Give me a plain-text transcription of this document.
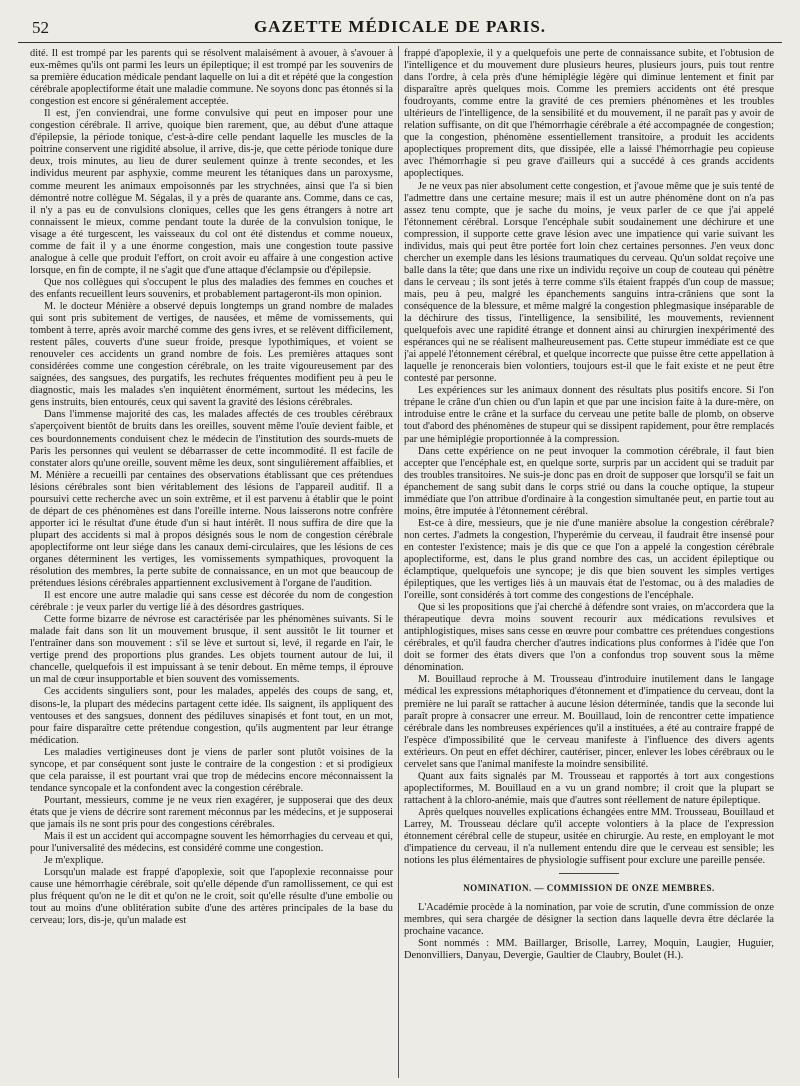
52	GAZETTE MÉDICALE DE PARIS.

dité. Il est trompé par les parents qui se résolvent malaisément à avouer, à s'avouer à eux-mêmes qu'ils ont parmi les leurs un épileptique; il est trompé par les souvenirs de sa première éducation médicale pendant laquelle on lui a dit et répété que la congestion cérébrale apoplectiforme était une maladie commune. Ne soyons donc pas étonnés si la congestion est encore si généralement acceptée.

Il est, j'en conviendrai, une forme convulsive qui peut en imposer pour une congestion cérébrale. Il arrive, quoique bien rarement, que, au début d'une attaque d'épilepsie, la période tonique, c'est-à-dire celle pendant laquelle les muscles de la poitrine conservent une rigidité absolue, il arrive, dis-je, que cette période tonique dure deux, trois minutes, au lieu de durer seulement quinze à trente secondes, et les individus meurent par asphyxie, comme meurent les tétaniques dans un paroxysme, comme meurent les animaux empoisonnés par les strychnées, ainsi que l'a si bien démontré notre collègue M. Ségalas, il y a près de quarante ans. Comme, dans ce cas, il n'y a pas eu de convulsions cloniques, celles que les gens étrangers à notre art connaissent le mieux, comme pendant toute la durée de la convulsion tonique, le visage a été turgescent, les vaisseaux du col ont été distendus et comme noueux, comme de fait il y a une énorme congestion, mais une congestion toute passive analogue à celle que produit l'effort, on croit avoir eu affaire à une congestion active lorsque, en fin de compte, il ne s'agit que d'une attaque d'éclampsie ou d'épilepsie.

Que nos collègues qui s'occupent le plus des maladies des femmes en couches et des enfants recueillent leurs souvenirs, et probablement partageront-ils mon opinion.

M. le docteur Ménière a observé depuis longtemps un grand nombre de malades qui sont pris subitement de vertiges, de nausées, et même de vomissements, qui tombent à terre, après avoir marché comme des gens ivres, et se relèvent difficilement, restent pâles, couverts d'une sueur froide, presque lypothimiques, et voient se renouveler ces accidents un grand nombre de fois. Les premières attaques sont considérées comme une congestion cérébrale, on les traite vigoureusement par des saignées, des sangsues, des purgatifs, les rechutes fréquentes modifient peu à peu le diagnostic, mais les malades s'en inquiètent énormément, surtout les médecins, les gens instruits, bien entourés, ceux qui savent la gravité des lésions cérébrales.

Dans l'immense majorité des cas, les malades affectés de ces troubles cérébraux s'aperçoivent bientôt de bruits dans les oreilles, souvent même l'ouïe devient faible, et ces bourdonnements conduisent chez le médecin de l'institution des sourds-muets de Paris les personnes qui veulent se débarrasser de cette incommodité. Il est facile de constater alors qu'une oreille, souvent même les deux, sont singulièrement affaiblies, et M. Ménière a recueilli par centaines des observations établissant que ces prétendues lésions cérébrales sont bien véritablement des lésions de l'appareil auditif. Il a poursuivi cette recherche avec un soin extrême, et il est parvenu à établir que le point de départ de ces phénomènes est dans l'oreille interne. Nous laisserons notre confrère apporter ici le résultat d'une étude d'un si haut intérêt. Il nous suffira de dire que la plupart des accidents si mal à propos désignés sous le nom de congestion cérébrale apoplectiforme ont leur siége dans les canaux demi-circulaires, que les lésions de ces organes déterminent les vertiges, les vomissements sympathiques, provoquent la résolution des membres, la perte subite de connaissance, en un mot que beaucoup de prétendues lésions cérébrales appartiennent exclusivement à l'organe de l'audition.

Il est encore une autre maladie qui sans cesse est décorée du nom de congestion cérébrale : je veux parler du vertige lié à des désordres gastriques.

Cette forme bizarre de névrose est caractérisée par les phénomènes suivants. Si le malade fait dans son lit un mouvement brusque, il sent aussitôt le lit tourner et l'entraîner dans son mouvement : s'il se lève et surtout si, levé, il regarde en l'air, le vertige prend des proportions plus grandes. Les objets tournent autour de lui, il chancelle, quelquefois il est impuissant à se tenir debout. En même temps, il éprouve un mal de cœur insupportable et bien souvent des vomissements.

Ces accidents singuliers sont, pour les malades, appelés des coups de sang, et, disons-le, la plupart des médecins partagent cette idée. Ils saignent, ils appliquent des ventouses et des sangsues, donnent des pédiluves sinapisés et font tout, en un mot, pour faire disparaître cette prétendue congestion, qu'ils augmentent par leur étrange médication.

Les maladies vertigineuses dont je viens de parler sont plutôt voisines de la syncope, et par conséquent sont juste le contraire de la congestion : et si prodigieux que cela paraisse, il est pourtant vrai que trop de médecins encore méconnaissent la tendance syncopale et la confondent avec la congestion cérébrale.

Pourtant, messieurs, comme je ne veux rien exagérer, je supposerai que des deux états que je viens de décrire sont rarement méconnus par les médecins, et je supposerai que jamais ils ne sont pris pour des congestions cérébrales.

Mais il est un accident qui accompagne souvent les hémorrhagies du cerveau et qui, pour l'universalité des médecins, est considéré comme une congestion.

Je m'explique.

Lorsqu'un malade est frappé d'apoplexie, soit que l'apoplexie reconnaisse pour cause une hémorrhagie cérébrale, soit qu'elle dépende d'un ramollissement, ce qui est plus fréquent qu'on ne le dit et qu'on ne le croit, soit qu'elle résulte d'une embolie ou tout au moins d'une oblitération subite d'une des artères principales de la base du cerveau; lors, dis-je, qu'un malade est

frappé d'apoplexie, il y a quelquefois une perte de connaissance subite, et l'obtusion de l'intelligence et du mouvement dure plusieurs heures, plusieurs jours, puis tout rentre dans l'ordre, à cela près d'une hémiplégie légère qui diminue lentement et finit par disparaître après quelques mois. Comme les premiers accidents ont été presque foudroyants, comme entre la gravité de ces premiers phénomènes et les troubles ultérieurs de l'intelligence, de la sensibilité et du mouvement, il ne paraît pas y avoir de relation suffisante, on dit que l'hémorrhagie cérébrale a été accompagnée de congestion; que la congestion, phénomène essentiellement transitoire, a produit les accidents apoplectiques proprement dits, que dissipée, elle a laissé l'hémorrhagie peu copieuse avec l'hémorrhagie si peu grave d'ailleurs qui a succédé à ces grands accidents apoplectiques.

Je ne veux pas nier absolument cette congestion, et j'avoue même que je suis tenté de l'admettre dans une certaine mesure; mais il est un autre phénomène dont on n'a pas assez tenu compte, que je sache du moins, je veux parler de ce que j'ai appelé l'étonnement cérébral. Lorsque l'encéphale subit soudainement une déchirure et une compression, il supporte cette grave lésion avec une impatience qui varie suivant les individus, mais qui peut être portée fort loin chez certaines personnes. J'en veux donc chercher un exemple dans les lésions traumatiques du cerveau. Qu'un soldat reçoive une balle dans la tête; que dans une rixe un individu reçoive un coup de couteau qui pénètre dans le cerveau ; ils sont jetés à terre comme s'ils étaient frappés d'un coup de massue; mais, peu à peu, malgré les épanchements sanguins intra-crâniens que sont la conséquence de la blessure, et même malgré la congestion phlegmasique inséparable de la déchirure des tissus, l'intelligence, la sensibilité, les mouvements, reviennent quelquefois avec une rapidité étrange et donnent ainsi au chirurgien inexpérimenté des espérances qui ne se réalisent malheureusement pas. Cette stupeur immédiate est ce que j'ai appelé l'étonnement cérébral, et quelque incorrecte que puisse être cette appellation à laquelle je renoncerais bien volontiers, toujours est-il que le fait existe et ne peut être contesté par personne.

Les expériences sur les animaux donnent des résultats plus positifs encore. Si l'on trépane le crâne d'un chien ou d'un lapin et que par une incision faite à la dure-mère, on introduise entre le crâne et la surface du cerveau une petite balle de plomb, on observe tout d'abord des phénomènes de stupeur qui se dissipent rapidement, pour être remplacés par une hémiplégie proportionnée à la compression.

Dans cette expérience on ne peut invoquer la commotion cérébrale, il faut bien accepter que l'encéphale est, en quelque sorte, surpris par un accident qui se traduit par des troubles transitoires. Ne suis-je donc pas en droit de supposer que lorsqu'il se fait un épanchement de sang subit dans le corps strié ou dans la couche optique, la stupeur immédiate que l'on attribue d'ordinaire à la congestion simultanée peut, en partie tout au moins, être imputée à l'étonnement cérébral.

Est-ce à dire, messieurs, que je nie d'une manière absolue la congestion cérébrale? non certes. J'admets la congestion, l'hyperémie du cerveau, il faudrait être insensé pour en contester l'existence; mais je dis que ce que l'on a appelé la congestion cérébrale apoplectiforme, est, dans le plus grand nombre des cas, un accident épileptique ou éclamptique, quelquefois une syncope; je dis que bien souvent les simples vertiges épileptiques, que les vertiges liés à un mauvais état de l'estomac, ou à des maladies de l'oreille, sont considérés à tort comme des congestions de l'encéphale.

Que si les propositions que j'ai cherché à défendre sont vraies, on m'accordera que la thérapeutique devra moins souvent recourir aux médications revulsives et antiphlogistiques, mises sans cesse en œuvre pour combattre ces prétendues congestions cérébrales, et qu'il faudra chercher d'autres indications plus conformes à l'idée que l'on doit se former des états divers que l'on a confondus trop souvent sous la même dénomination.

M. Bouillaud reproche à M. Trousseau d'introduire inutilement dans le langage médical les expressions métaphoriques d'étonnement et d'impatience du cerveau, dont la première ne lui paraît se rattacher à aucune lésion déterminée, tandis que la seconde lui paraît propre à consacrer une erreur. M. Bouillaud, loin de rencontrer cette impatience cérébrale dans les nombreuses expériences qu'il a instituées, a été au contraire frappé de l'espèce d'impossibilité que le cerveau manifeste à l'influence des divers agents extérieurs. On peut en effet déchirer, cautériser, pincer, enlever les lobes cérébraux ou le cervelet sans que l'animal manifeste la moindre sensibilité.

Quant aux faits signalés par M. Trousseau et rapportés à tort aux congestions apoplectiformes, M. Bouillaud en a vu un grand nombre; il croit que la plupart se rattachent à la chloro-anémie, mais que d'autres sont réellement de nature épileptique.

Après quelques nouvelles explications échangées entre MM. Trousseau, Bouillaud et Larrey, M. Trousseau déclare qu'il accepte volontiers à la place de l'expression étonnement cérébral celle de stupeur, usitée en chirurgie. Au reste, en employant le mot d'impatience du cerveau, il n'a nullement entendu dire que le cerveau est sensible; les notions les plus élémentaires de physiologie suffisent pour exclure une pareille pensée.

NOMINATION. — COMMISSION DE ONZE MEMBRES.

L'Académie procède à la nomination, par voie de scrutin, d'une commission de onze membres, qui sera chargée de désigner la section dans laquelle devra être déclarée la prochaine vacance.

Sont nommés : MM. Baillarger, Brisolle, Larrey, Moquin, Laugier, Huguier, Denonvilliers, Danyau, Devergie, Gaultier de Claubry, Boulet (H.).
